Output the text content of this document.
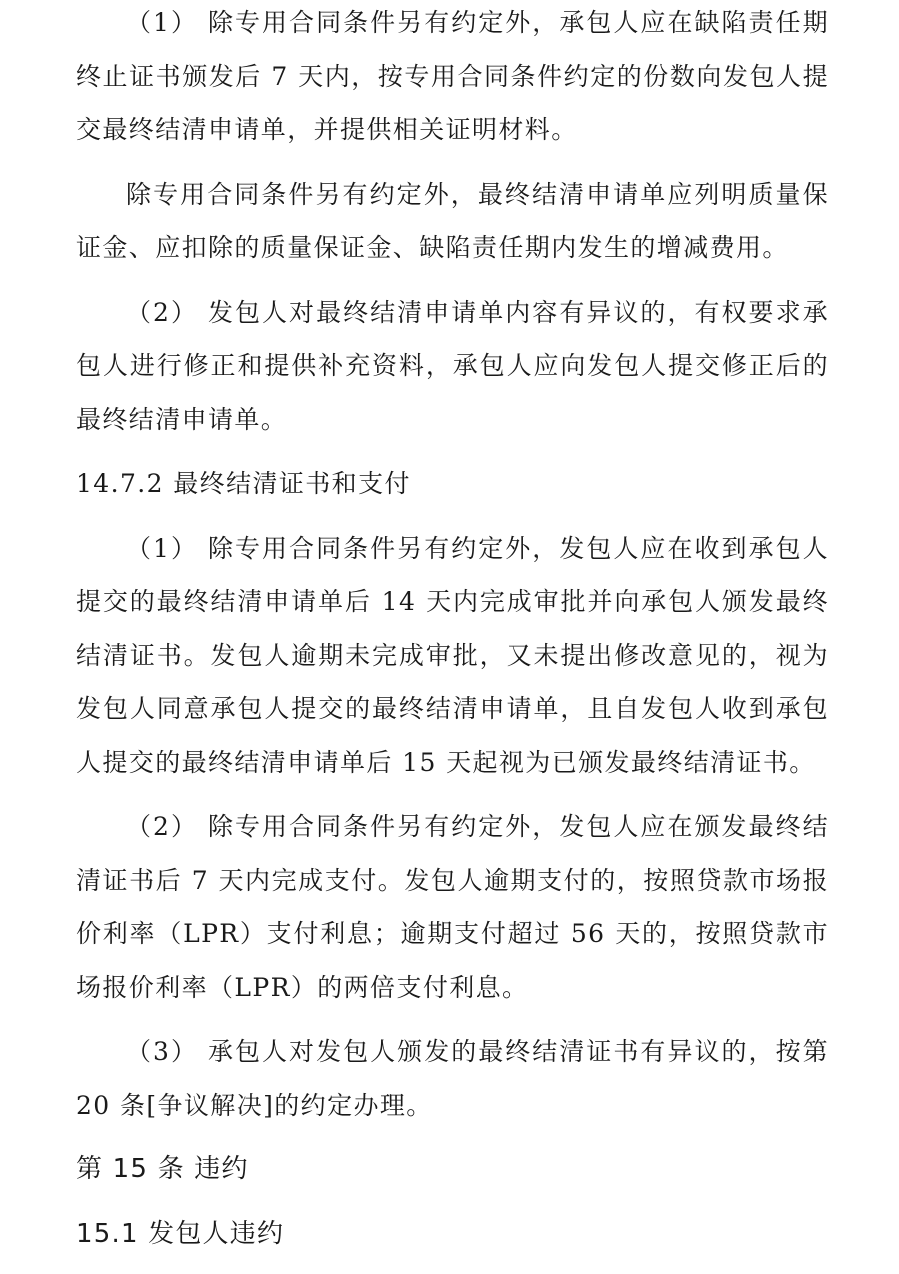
（1） 除专用合同条件另有约定外，承包人应在缺陷责任期终止证书颁发后 7 天内，按专用合同条件约定的份数向发包人提交最终结清申请单，并提供相关证明材料。

除专用合同条件另有约定外，最终结清申请单应列明质量保证金、应扣除的质量保证金、缺陷责任期内发生的增减费用。

（2） 发包人对最终结清申请单内容有异议的，有权要求承包人进行修正和提供补充资料，承包人应向发包人提交修正后的最终结清申请单。

14.7.2 最终结清证书和支付

（1） 除专用合同条件另有约定外，发包人应在收到承包人提交的最终结清申请单后 14 天内完成审批并向承包人颁发最终结清证书。发包人逾期未完成审批，又未提出修改意见的，视为发包人同意承包人提交的最终结清申请单，且自发包人收到承包人提交的最终结清申请单后 15 天起视为已颁发最终结清证书。

（2） 除专用合同条件另有约定外，发包人应在颁发最终结清证书后 7 天内完成支付。发包人逾期支付的，按照贷款市场报价利率（LPR）支付利息；逾期支付超过 56 天的，按照贷款市场报价利率（LPR）的两倍支付利息。

（3） 承包人对发包人颁发的最终结清证书有异议的，按第 20 条[争议解决]的约定办理。

第 15 条 违约
15.1 发包人违约
